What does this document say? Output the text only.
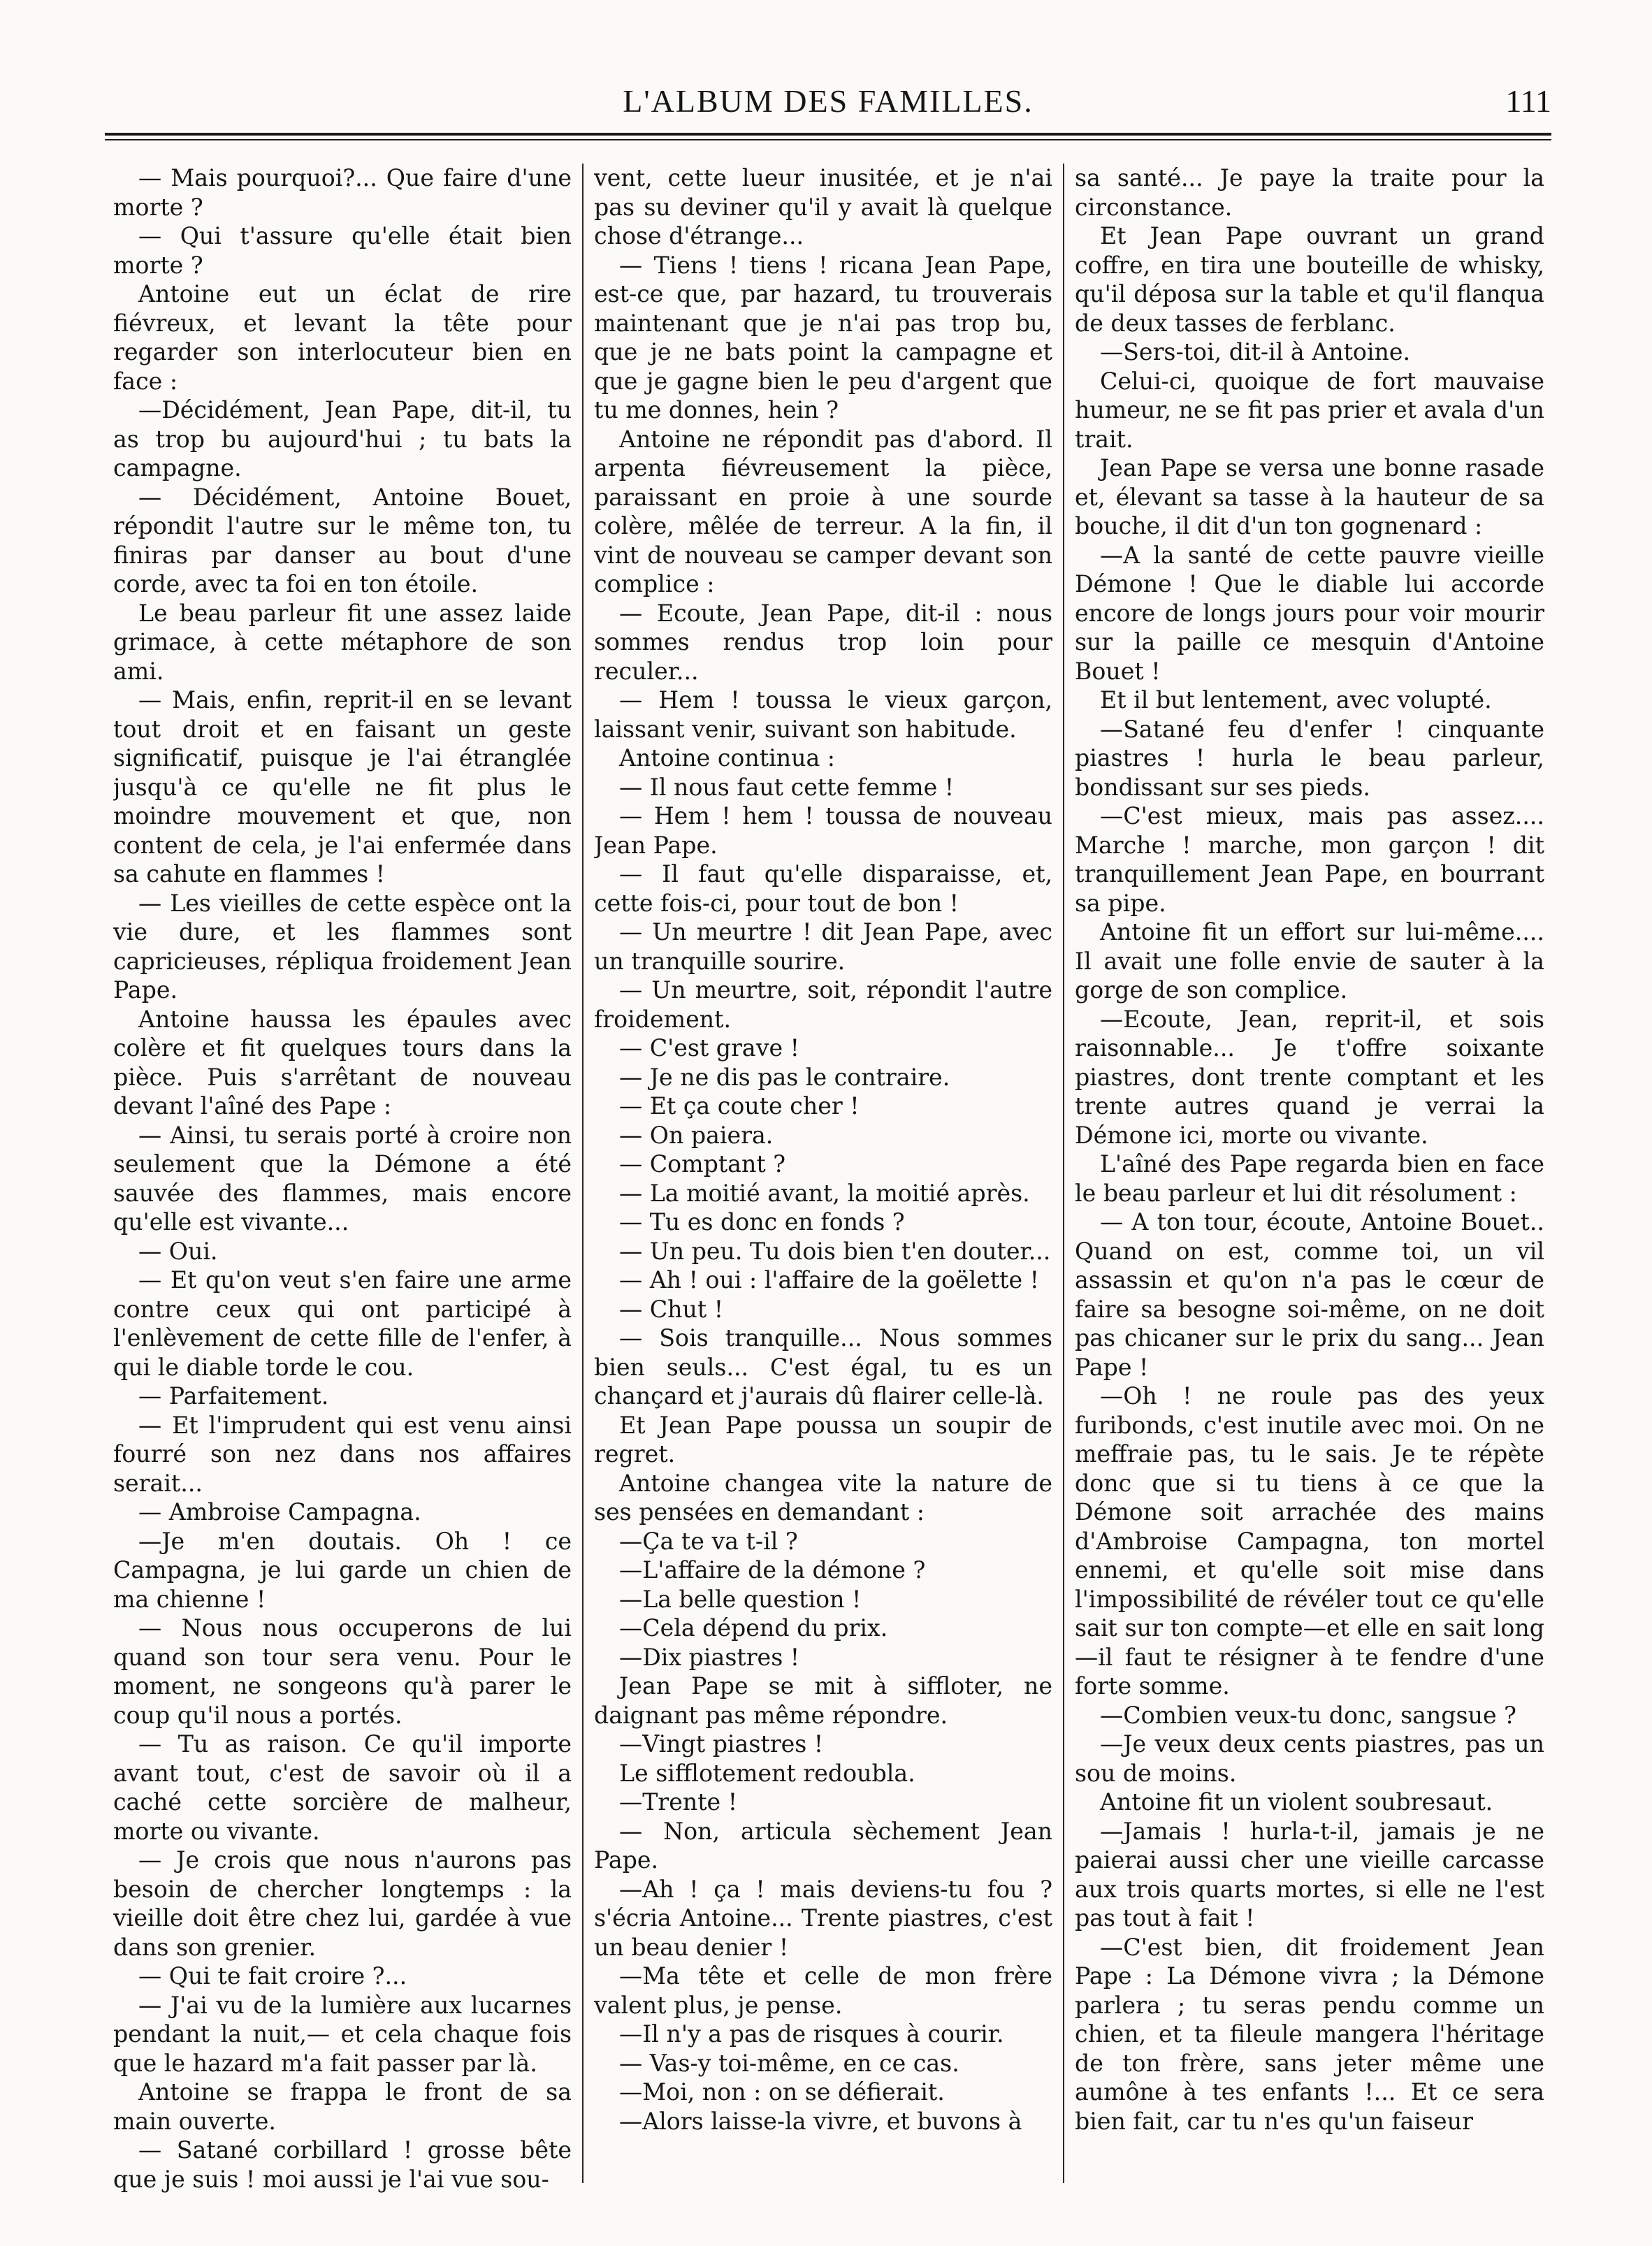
L'ALBUM DES FAMILLES.	111

— Mais pourquoi?... Que faire d'une morte ?

— Qui t'assure qu'elle était bien morte ?

Antoine eut un éclat de rire fiévreux, et levant la tête pour regarder son interlocuteur bien en face :

—Décidément, Jean Pape, dit-il, tu as trop bu aujourd'hui ; tu bats la campagne.

— Décidément, Antoine Bouet, répondit l'autre sur le même ton, tu finiras par danser au bout d'une corde, avec ta foi en ton étoile.

Le beau parleur fit une assez laide grimace, à cette métaphore de son ami.

— Mais, enfin, reprit-il en se levant tout droit et en faisant un geste significatif, puisque je l'ai étranglée jusqu'à ce qu'elle ne fit plus le moindre mouvement et que, non content de cela, je l'ai enfermée dans sa cahute en flammes !

— Les vieilles de cette espèce ont la vie dure, et les flammes sont capricieuses, répliqua froidement Jean Pape.

Antoine haussa les épaules avec colère et fit quelques tours dans la pièce. Puis s'arrêtant de nouveau devant l'aîné des Pape :

— Ainsi, tu serais porté à croire non seulement que la Démone a été sauvée des flammes, mais encore qu'elle est vivante...

— Oui.

— Et qu'on veut s'en faire une arme contre ceux qui ont participé à l'enlèvement de cette fille de l'enfer, à qui le diable torde le cou.

— Parfaitement.

— Et l'imprudent qui est venu ainsi fourré son nez dans nos affaires serait...

— Ambroise Campagna.

—Je m'en doutais. Oh ! ce Campagna, je lui garde un chien de ma chienne !

— Nous nous occuperons de lui quand son tour sera venu. Pour le moment, ne songeons qu'à parer le coup qu'il nous a portés.

— Tu as raison. Ce qu'il importe avant tout, c'est de savoir où il a caché cette sorcière de malheur, morte ou vivante.

— Je crois que nous n'aurons pas besoin de chercher longtemps : la vieille doit être chez lui, gardée à vue dans son grenier.

— Qui te fait croire ?...

— J'ai vu de la lumière aux lucarnes pendant la nuit,— et cela chaque fois que le hazard m'a fait passer par là.

Antoine se frappa le front de sa main ouverte.

— Satané corbillard ! grosse bête que je suis ! moi aussi je l'ai vue sou-

vent, cette lueur inusitée, et je n'ai pas su deviner qu'il y avait là quelque chose d'étrange...

— Tiens ! tiens ! ricana Jean Pape, est-ce que, par hazard, tu trouverais maintenant que je n'ai pas trop bu, que je ne bats point la campagne et que je gagne bien le peu d'argent que tu me donnes, hein ?

Antoine ne répondit pas d'abord. Il arpenta fiévreusement la pièce, paraissant en proie à une sourde colère, mêlée de terreur. A la fin, il vint de nouveau se camper devant son complice :

— Ecoute, Jean Pape, dit-il : nous sommes rendus trop loin pour reculer...

— Hem ! toussa le vieux garçon, laissant venir, suivant son habitude.

Antoine continua :

— Il nous faut cette femme !

— Hem ! hem ! toussa de nouveau Jean Pape.

— Il faut qu'elle disparaisse, et, cette fois-ci, pour tout de bon !

— Un meurtre ! dit Jean Pape, avec un tranquille sourire.

— Un meurtre, soit, répondit l'autre froidement.

— C'est grave !

— Je ne dis pas le contraire.

— Et ça coute cher !

— On paiera.

— Comptant ?

— La moitié avant, la moitié après.

— Tu es donc en fonds ?

— Un peu. Tu dois bien t'en douter...

— Ah ! oui : l'affaire de la goëlette !

— Chut !

— Sois tranquille... Nous sommes bien seuls... C'est égal, tu es un chançard et j'aurais dû flairer celle-là.

Et Jean Pape poussa un soupir de regret.

Antoine changea vite la nature de ses pensées en demandant :

—Ça te va t-il ?

—L'affaire de la démone ?

—La belle question !

—Cela dépend du prix.

—Dix piastres !

Jean Pape se mit à siffloter, ne daignant pas même répondre.

—Vingt piastres !

Le sifflotement redoubla.

—Trente !

— Non, articula sèchement Jean Pape.

—Ah ! ça ! mais deviens-tu fou ? s'écria Antoine... Trente piastres, c'est un beau denier !

—Ma tête et celle de mon frère valent plus, je pense.

—Il n'y a pas de risques à courir.

— Vas-y toi-même, en ce cas.

—Moi, non : on se défierait.

—Alors laisse-la vivre, et buvons à

sa santé... Je paye la traite pour la circonstance.

Et Jean Pape ouvrant un grand coffre, en tira une bouteille de whisky, qu'il déposa sur la table et qu'il flanqua de deux tasses de ferblanc.

—Sers-toi, dit-il à Antoine.

Celui-ci, quoique de fort mauvaise humeur, ne se fit pas prier et avala d'un trait.

Jean Pape se versa une bonne rasade et, élevant sa tasse à la hauteur de sa bouche, il dit d'un ton gognenard :

—A la santé de cette pauvre vieille Démone ! Que le diable lui accorde encore de longs jours pour voir mourir sur la paille ce mesquin d'Antoine Bouet !

Et il but lentement, avec volupté.

—Satané feu d'enfer ! cinquante piastres ! hurla le beau parleur, bondissant sur ses pieds.

—C'est mieux, mais pas assez.... Marche ! marche, mon garçon ! dit tranquillement Jean Pape, en bourrant sa pipe.

Antoine fit un effort sur lui-même.... Il avait une folle envie de sauter à la gorge de son complice.

—Ecoute, Jean, reprit-il, et sois raisonnable... Je t'offre soixante piastres, dont trente comptant et les trente autres quand je verrai la Démone ici, morte ou vivante.

L'aîné des Pape regarda bien en face le beau parleur et lui dit résolument :

— A ton tour, écoute, Antoine Bouet.. Quand on est, comme toi, un vil assassin et qu'on n'a pas le cœur de faire sa besogne soi-même, on ne doit pas chicaner sur le prix du sang... Jean Pape !

—Oh ! ne roule pas des yeux furibonds, c'est inutile avec moi. On ne meffraie pas, tu le sais. Je te répète donc que si tu tiens à ce que la Démone soit arrachée des mains d'Ambroise Campagna, ton mortel ennemi, et qu'elle soit mise dans l'impossibilité de révéler tout ce qu'elle sait sur ton compte—et elle en sait long—il faut te résigner à te fendre d'une forte somme.

—Combien veux-tu donc, sangsue ?

—Je veux deux cents piastres, pas un sou de moins.

Antoine fit un violent soubresaut.

—Jamais ! hurla-t-il, jamais je ne paierai aussi cher une vieille carcasse aux trois quarts mortes, si elle ne l'est pas tout à fait !

—C'est bien, dit froidement Jean Pape : La Démone vivra ; la Démone parlera ; tu seras pendu comme un chien, et ta fileule mangera l'héritage de ton frère, sans jeter même une aumône à tes enfants !... Et ce sera bien fait, car tu n'es qu'un faiseur
